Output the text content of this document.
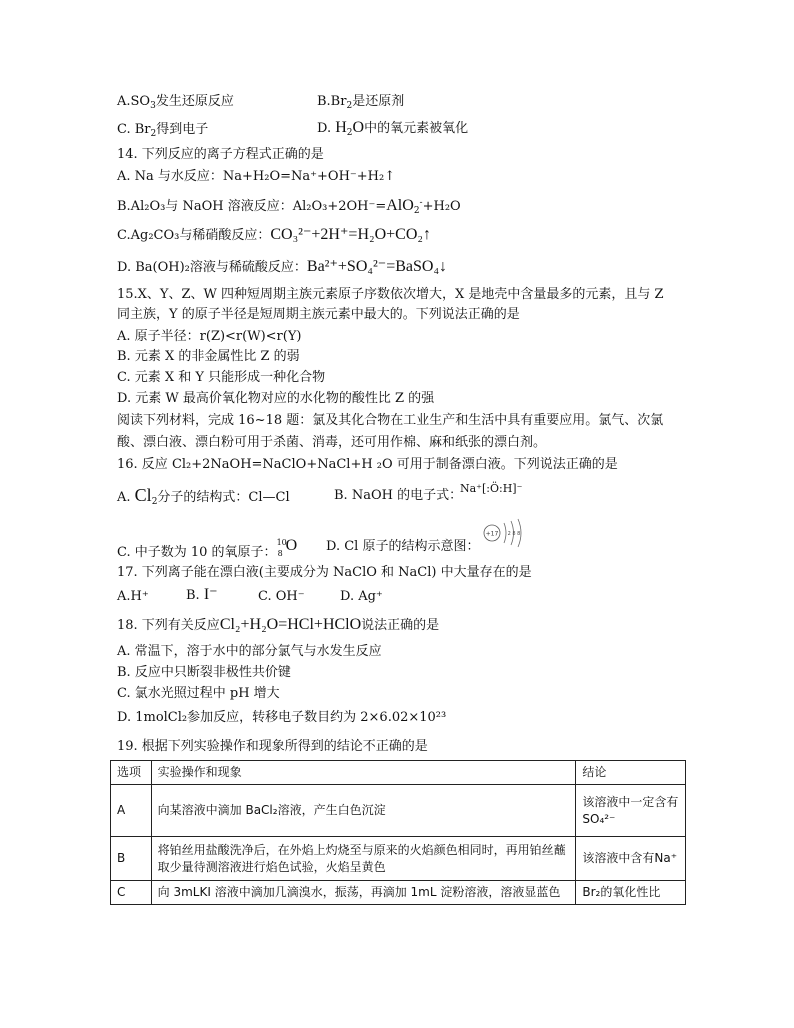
$A.SO_3$发生还原反应	$B.Br_2$是还原剂
C. $Br_2$得到电子	D. $H_2O$中的氧元素被氧化
14. 下列反应的离子方程式正确的是
A. Na 与水反应：Na+H₂O=Na⁺+OH⁻+H₂↑
B.Al₂O₃与 NaOH 溶液反应：Al₂O₃+2OH⁻=AlO$_2$-+H₂O
C.Ag₂CO₃与稀硝酸反应：CO₃²⁻+2H⁺=H₂O+CO₂↑
D. Ba(OH)₂溶液与稀硫酸反应：Ba²⁺+SO₄²⁻=BaSO₄↓
15.X、Y、Z、W 四种短周期主族元素原子序数依次增大，X 是地壳中含量最多的元素，且与 Z
同主族，Y 的原子半径是短周期主族元素中最大的。下列说法正确的是
A. 原子半径：r(Z)<r(W)<r(Y)
B. 元素 X 的非金属性比 Z 的弱
C. 元素 X 和 Y 只能形成一种化合物
D. 元素 W 最高价氧化物对应的水化物的酸性比 Z 的强
阅读下列材料，完成 16~18 题：氯及其化合物在工业生产和生活中具有重要应用。氯气、次氯
酸、漂白液、漂白粉可用于杀菌、消毒，还可用作棉、麻和纸张的漂白剂。
16. 反应 Cl₂+2NaOH=NaClO+NaCl+H ₂O 可用于制备漂白液。下列说法正确的是
A. $Cl_2$分子的结构式：Cl—Cl	B. NaOH 的电子式：
Na⁺[:Ö:H]⁻
C. 中子数为 10 的氧原子：
10
8 O D. Cl 原子的结构示意图：
+17 2 8 8
17. 下列离子能在漂白液(主要成分为 NaClO 和 NaCl) 中大量存在的是
A.H⁺	B. I⁻	C. OH⁻	D. Ag⁺
18. 下列有关反应Cl₂+H₂O=HCl+HClO说法正确的是
A. 常温下，溶于水中的部分氯气与水发生反应
B. 反应中只断裂非极性共价键
C. 氯水光照过程中 pH 增大
D. 1molCl₂参加反应，转移电子数目约为 2×6.02×10²³
19. 根据下列实验操作和现象所得到的结论不正确的是
选项	实验操作和现象	结论
A	向某溶液中滴加 BaCl₂溶液，产生白色沉淀	该溶液中一定含有SO₄²⁻
B	将铂丝用盐酸洗净后，在外焰上灼烧至与原来的火焰颜色相同时，再用铂丝蘸取少量待测溶液进行焰色试验，火焰呈黄色	该溶液中含有Na⁺
C	向 3mLKI 溶液中滴加几滴溴水，振荡，再滴加 1mL 淀粉溶液，溶液显蓝色	Br₂的氧化性比
